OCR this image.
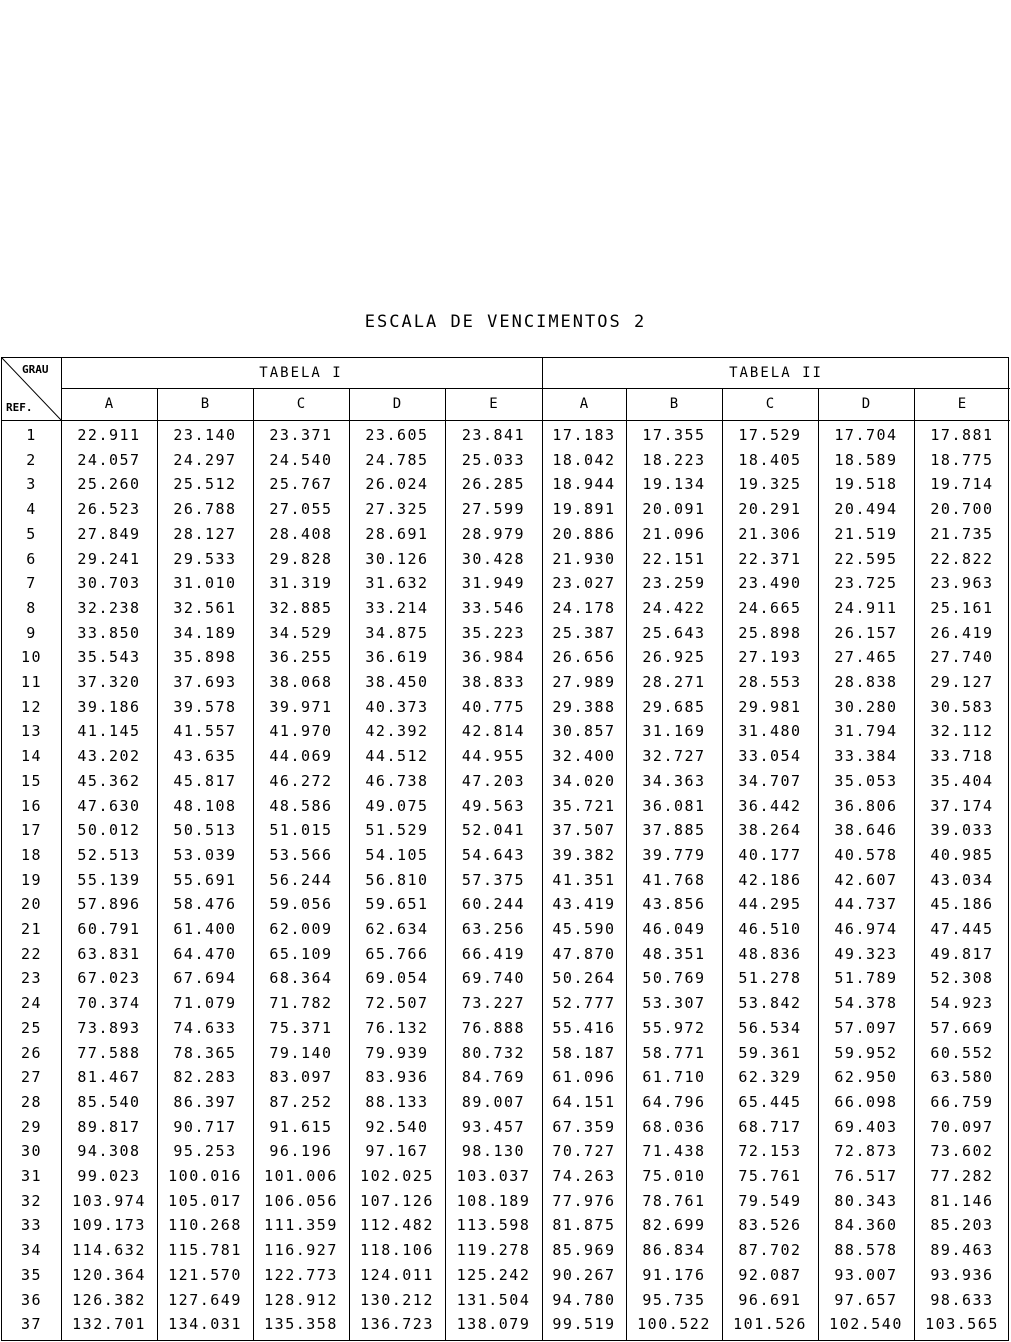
ESCALA DE VENCIMENTOS 2
GRAU
REF.
TABELA I	TABELA II
A	B	C	D	E	A	B	C	D	E
1	22.911	23.140	23.371	23.605	23.841	17.183	17.355	17.529	17.704	17.881
2	24.057	24.297	24.540	24.785	25.033	18.042	18.223	18.405	18.589	18.775
3	25.260	25.512	25.767	26.024	26.285	18.944	19.134	19.325	19.518	19.714
4	26.523	26.788	27.055	27.325	27.599	19.891	20.091	20.291	20.494	20.700
5	27.849	28.127	28.408	28.691	28.979	20.886	21.096	21.306	21.519	21.735
6	29.241	29.533	29.828	30.126	30.428	21.930	22.151	22.371	22.595	22.822
7	30.703	31.010	31.319	31.632	31.949	23.027	23.259	23.490	23.725	23.963
8	32.238	32.561	32.885	33.214	33.546	24.178	24.422	24.665	24.911	25.161
9	33.850	34.189	34.529	34.875	35.223	25.387	25.643	25.898	26.157	26.419
10	35.543	35.898	36.255	36.619	36.984	26.656	26.925	27.193	27.465	27.740
11	37.320	37.693	38.068	38.450	38.833	27.989	28.271	28.553	28.838	29.127
12	39.186	39.578	39.971	40.373	40.775	29.388	29.685	29.981	30.280	30.583
13	41.145	41.557	41.970	42.392	42.814	30.857	31.169	31.480	31.794	32.112
14	43.202	43.635	44.069	44.512	44.955	32.400	32.727	33.054	33.384	33.718
15	45.362	45.817	46.272	46.738	47.203	34.020	34.363	34.707	35.053	35.404
16	47.630	48.108	48.586	49.075	49.563	35.721	36.081	36.442	36.806	37.174
17	50.012	50.513	51.015	51.529	52.041	37.507	37.885	38.264	38.646	39.033
18	52.513	53.039	53.566	54.105	54.643	39.382	39.779	40.177	40.578	40.985
19	55.139	55.691	56.244	56.810	57.375	41.351	41.768	42.186	42.607	43.034
20	57.896	58.476	59.056	59.651	60.244	43.419	43.856	44.295	44.737	45.186
21	60.791	61.400	62.009	62.634	63.256	45.590	46.049	46.510	46.974	47.445
22	63.831	64.470	65.109	65.766	66.419	47.870	48.351	48.836	49.323	49.817
23	67.023	67.694	68.364	69.054	69.740	50.264	50.769	51.278	51.789	52.308
24	70.374	71.079	71.782	72.507	73.227	52.777	53.307	53.842	54.378	54.923
25	73.893	74.633	75.371	76.132	76.888	55.416	55.972	56.534	57.097	57.669
26	77.588	78.365	79.140	79.939	80.732	58.187	58.771	59.361	59.952	60.552
27	81.467	82.283	83.097	83.936	84.769	61.096	61.710	62.329	62.950	63.580
28	85.540	86.397	87.252	88.133	89.007	64.151	64.796	65.445	66.098	66.759
29	89.817	90.717	91.615	92.540	93.457	67.359	68.036	68.717	69.403	70.097
30	94.308	95.253	96.196	97.167	98.130	70.727	71.438	72.153	72.873	73.602
31	99.023	100.016	101.006	102.025	103.037	74.263	75.010	75.761	76.517	77.282
32	103.974	105.017	106.056	107.126	108.189	77.976	78.761	79.549	80.343	81.146
33	109.173	110.268	111.359	112.482	113.598	81.875	82.699	83.526	84.360	85.203
34	114.632	115.781	116.927	118.106	119.278	85.969	86.834	87.702	88.578	89.463
35	120.364	121.570	122.773	124.011	125.242	90.267	91.176	92.087	93.007	93.936
36	126.382	127.649	128.912	130.212	131.504	94.780	95.735	96.691	97.657	98.633
37	132.701	134.031	135.358	136.723	138.079	99.519	100.522	101.526	102.540	103.565
